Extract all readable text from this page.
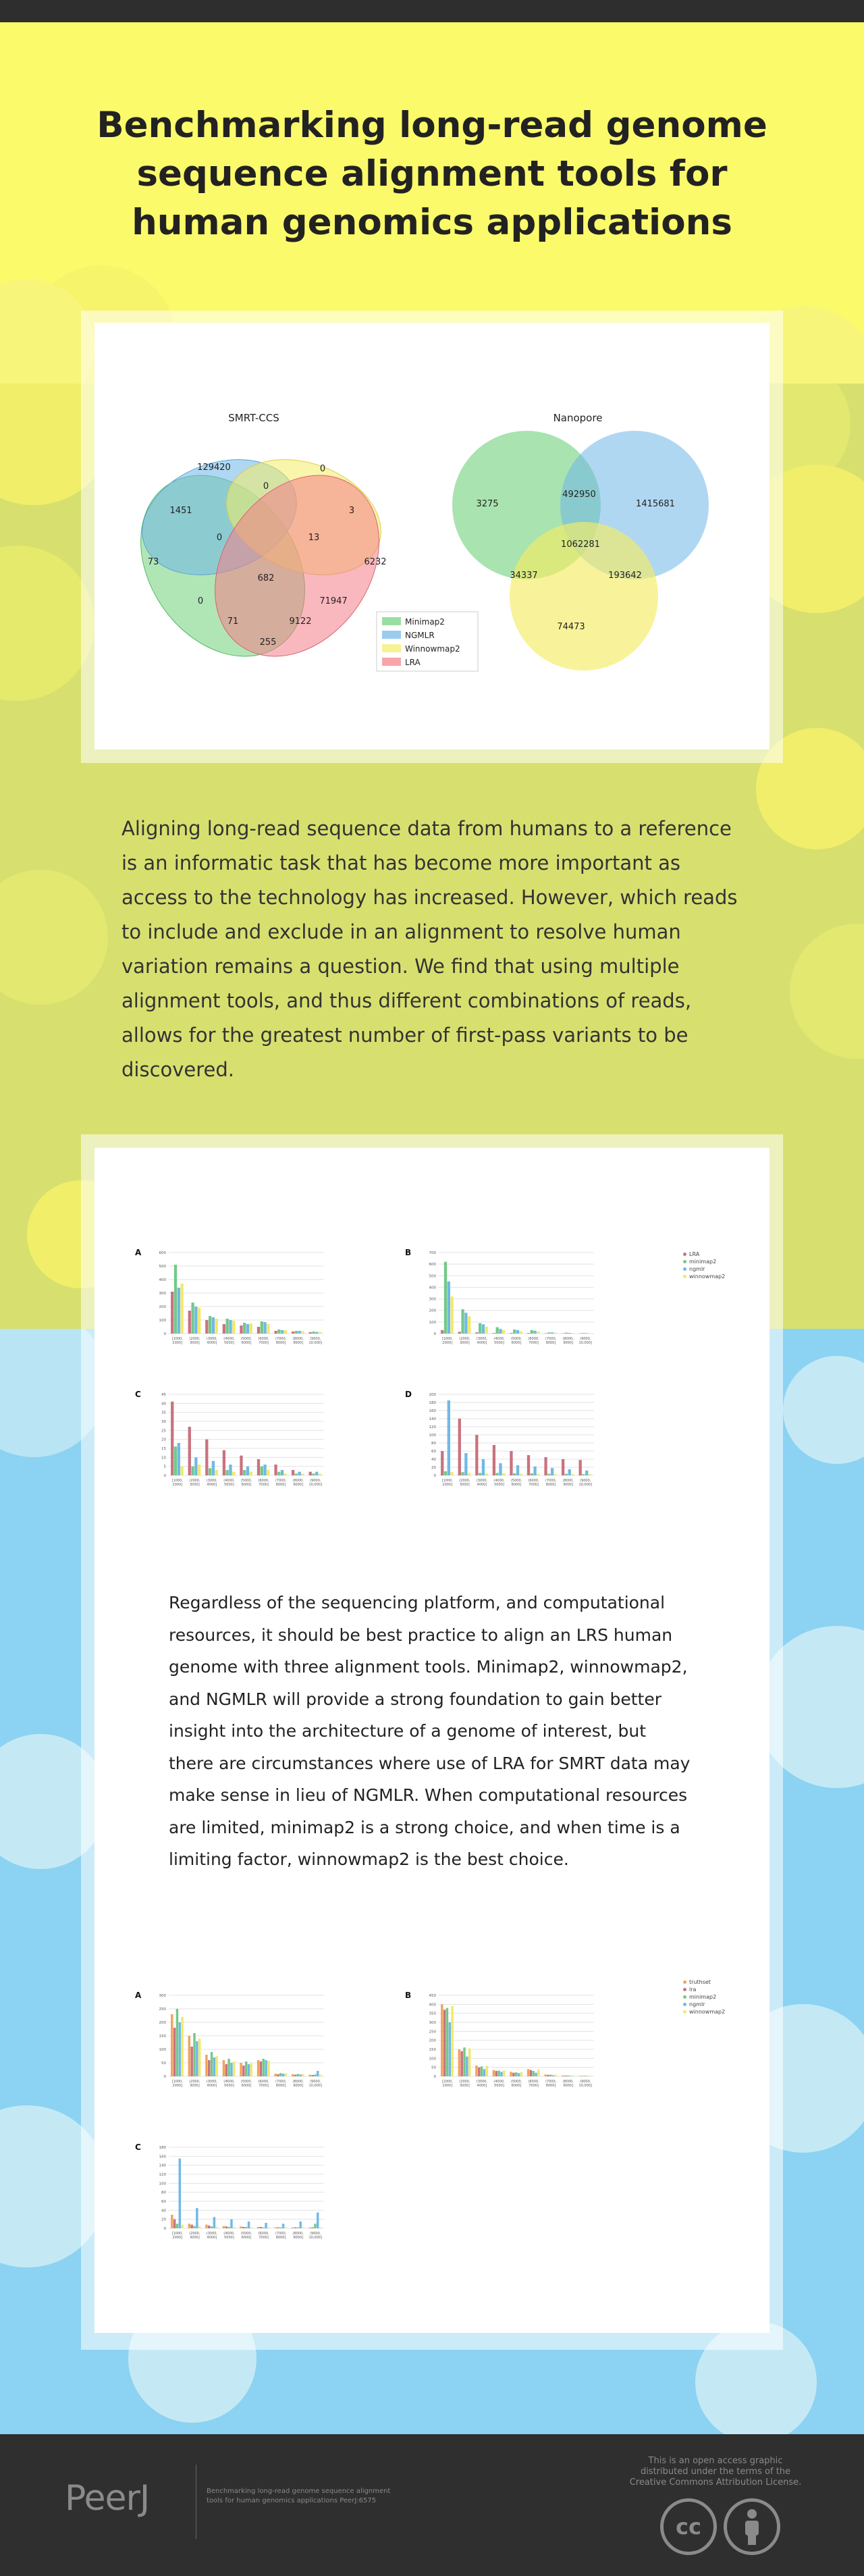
Benchmarking long-read genome
sequence alignment tools for
human genomics applications
SMRT-CCS
129420
0
0
1451	3
0	13
73
682
6232
0	71947
71	9122
255
Minimap2
NGMLR
Winnowmap2
LRA
Nanopore
3275
492950
1415681
1062281
34337	193642
74473

Aligning long-read sequence data from humans to a reference is an informatic task that has become more important as access to the technology has increased. However, which reads to include and exclude in an alignment to resolve human variation remains a question. We find that using multiple alignment tools, and thus different combinations of reads, allows for the greatest number of first-pass variants to be discovered.

A
0
100
200
300
400
500
600
[1000,
2000]
(2000,
3000]
(3000,
4000]
(4000,
5000]
(5000,
6000]
(6000,
7000]
(7000,
8000]
(8000,
9000]
(9000,
10,000]
B
0
100
200
300
400
500
600
700
[1000,
2000]
(2000,
3000]
(3000,
4000]
(4000,
5000]
(5000,
6000]
(6000,
7000]
(7000,
8000]
(8000,
9000]
(9000,
10,000]
C
0
5
10
15
20
25
30
35
40
45
[1000,
2000]
(2000,
3000]
(3000,
4000]
(4000,
5000]
(5000,
6000]
(6000,
7000]
(7000,
8000]
(8000,
9000]
(9000,
10,000]
D
0
20
40
60
80
100
120
140
160
180
200
[1000,
2000]
(2000,
3000]
(3000,
4000]
(4000,
5000]
(5000,
6000]
(6000,
7000]
(7000,
8000]
(8000,
9000]
(9000,
10,000]
LRA
minimap2
ngmlr
winnowmap2

Regardless of the sequencing platform, and computational resources, it should be best practice to align an LRS human genome with three alignment tools. Minimap2, winnowmap2, and NGMLR will provide a strong foundation to gain better insight into the architecture of a genome of interest, but there are circumstances where use of LRA for SMRT data may make sense in lieu of NGMLR. When computational resources are limited, minimap2 is a strong choice, and when time is a limiting factor, winnowmap2 is the best choice.

A
0
50
100
150
200
250
300
[1000,
2000]
(2000,
3000]
(3000,
4000]
(4000,
5000]
(5000,
6000]
(6000,
7000]
(7000,
8000]
(8000,
9000]
(9000,
10,000]
B
0
50
100
150
200
250
300
350
400
450
[1000,
2000]
(2000,
3000]
(3000,
4000]
(4000,
5000]
(5000,
6000]
(6000,
7000]
(7000,
8000]
(8000,
9000]
(9000,
10,000]
C
0
20
40
60
80
100
120
140
160
180
[1000,
2000]
(2000,
3000]
(3000,
4000]
(4000,
5000]
(5000,
6000]
(6000,
7000]
(7000,
8000]
(8000,
9000]
(9000,
10,000]
truthset
lra
minimap2
ngmlr
winnowmap2
PeerJ	Benchmarking long-read genome sequence alignment tools for human genomics applications PeerJ:6575
This is an open access graphic distributed under the terms of the Creative Commons Attribution License.
cc
